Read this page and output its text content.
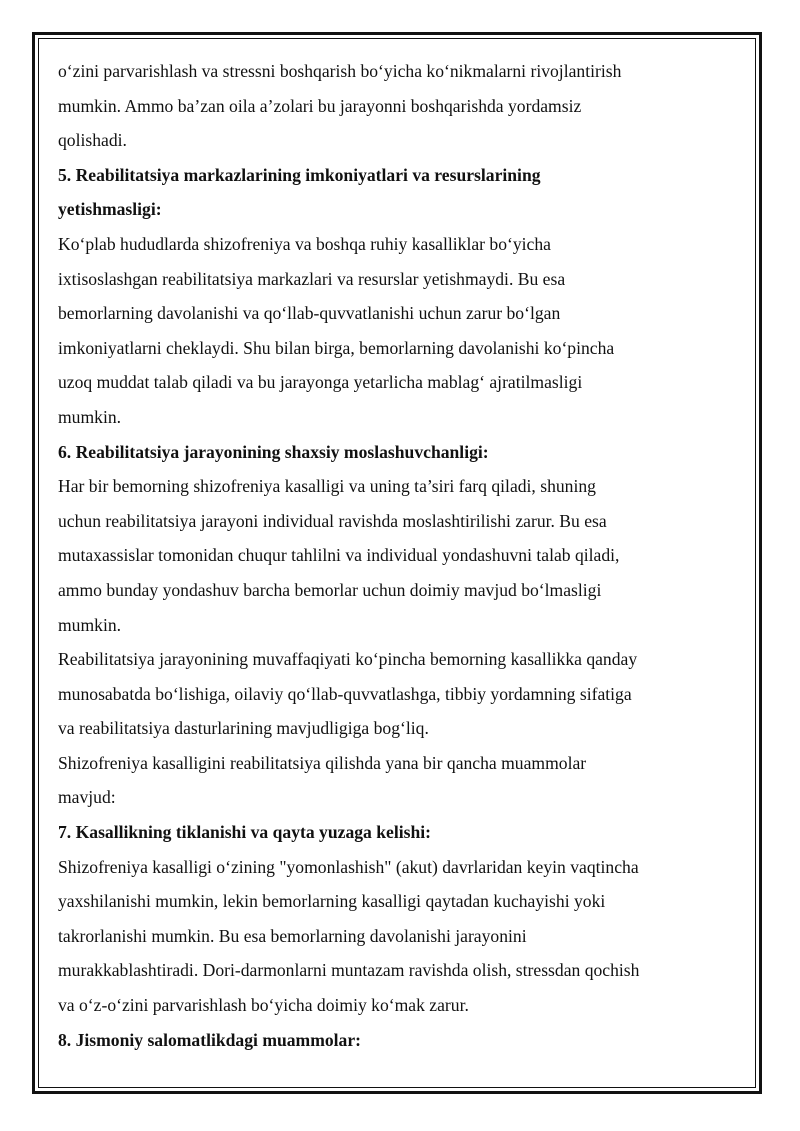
o‘zini parvarishlash va stressni boshqarish bo‘yicha ko‘nikmalarni rivojlantirish
mumkin. Ammo ba’zan oila a’zolari bu jarayonni boshqarishda yordamsiz
qolishadi.
5. Reabilitatsiya markazlarining imkoniyatlari va resurslarining
yetishmasligi:
Ko‘plab hududlarda shizofreniya va boshqa ruhiy kasalliklar bo‘yicha
ixtisoslashgan reabilitatsiya markazlari va resurslar yetishmaydi. Bu esa
bemorlarning davolanishi va qo‘llab-quvvatlanishi uchun zarur bo‘lgan
imkoniyatlarni cheklaydi. Shu bilan birga, bemorlarning davolanishi ko‘pincha
uzoq muddat talab qiladi va bu jarayonga yetarlicha mablag‘ ajratilmasligi
mumkin.
6. Reabilitatsiya jarayonining shaxsiy moslashuvchanligi:
Har bir bemorning shizofreniya kasalligi va uning ta’siri farq qiladi, shuning
uchun reabilitatsiya jarayoni individual ravishda moslashtirilishi zarur. Bu esa
mutaxassislar tomonidan chuqur tahlilni va individual yondashuvni talab qiladi,
ammo bunday yondashuv barcha bemorlar uchun doimiy mavjud bo‘lmasligi
mumkin.
Reabilitatsiya jarayonining muvaffaqiyati ko‘pincha bemorning kasallikka qanday
munosabatda bo‘lishiga, oilaviy qo‘llab-quvvatlashga, tibbiy yordamning sifatiga
va reabilitatsiya dasturlarining mavjudligiga bog‘liq.
Shizofreniya kasalligini reabilitatsiya qilishda yana bir qancha muammolar
mavjud:
7. Kasallikning tiklanishi va qayta yuzaga kelishi:
Shizofreniya kasalligi o‘zining "yomonlashish" (akut) davrlaridan keyin vaqtincha
yaxshilanishi mumkin, lekin bemorlarning kasalligi qaytadan kuchayishi yoki
takrorlanishi mumkin. Bu esa bemorlarning davolanishi jarayonini
murakkablashtiradi. Dori-darmonlarni muntazam ravishda olish, stressdan qochish
va o‘z-o‘zini parvarishlash bo‘yicha doimiy ko‘mak zarur.
8. Jismoniy salomatlikdagi muammolar:
